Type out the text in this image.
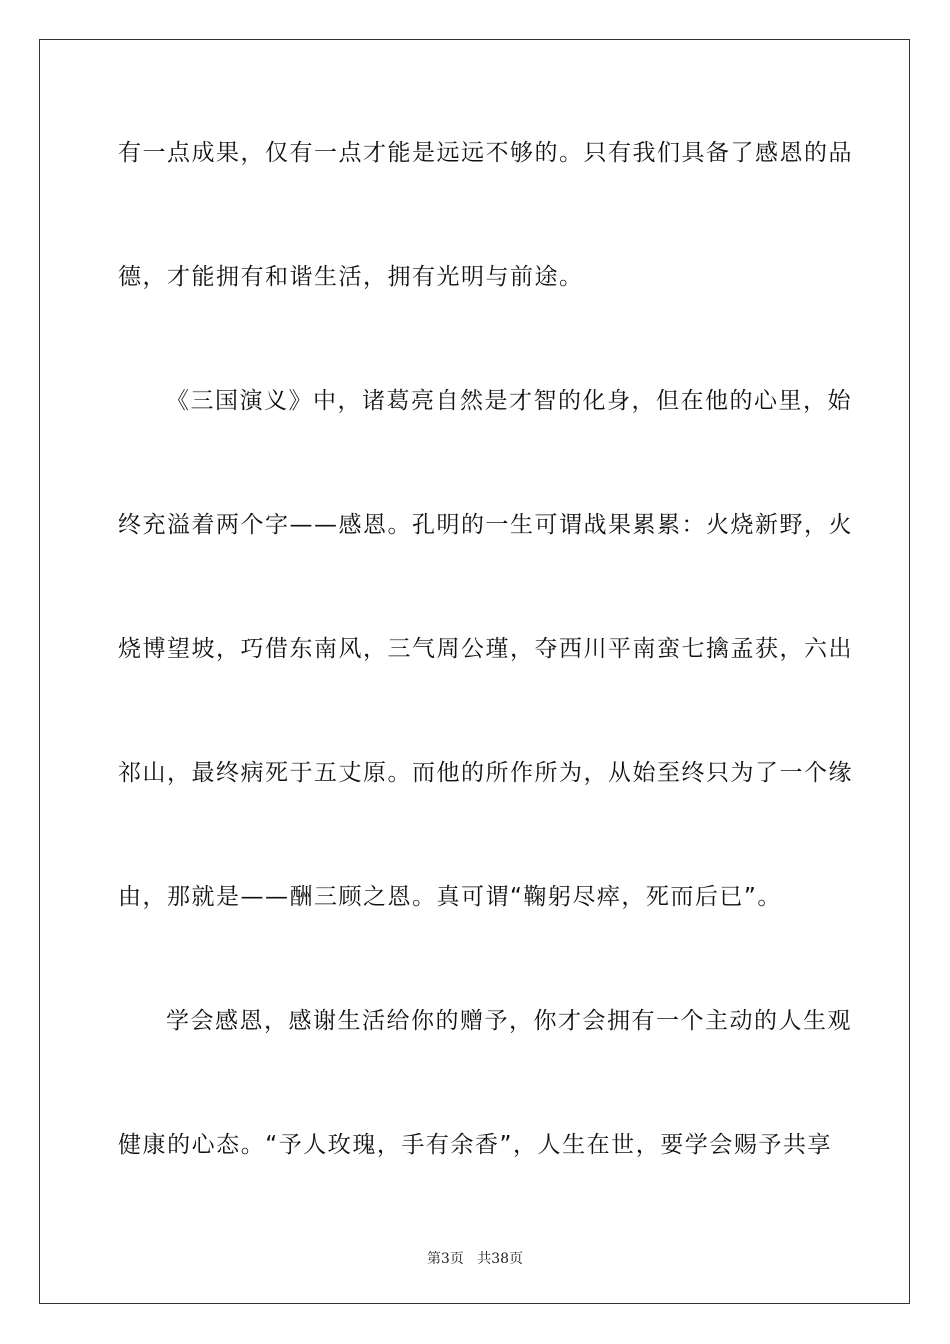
有一点成果，仅有一点才能是远远不够的。只有我们具备了感恩的品
德，才能拥有和谐生活，拥有光明与前途。
《三国演义》中，诸葛亮自然是才智的化身，但在他的心里，始
终充溢着两个字——感恩。孔明的一生可谓战果累累：火烧新野，火
烧博望坡，巧借东南风，三气周公瑾，夺西川平南蛮七擒孟获，六出
祁山，最终病死于五丈原。而他的所作所为，从始至终只为了一个缘
由，那就是——酬三顾之恩。真可谓“鞠躬尽瘁，死而后已”。
学会感恩，感谢生活给你的赠予，你才会拥有一个主动的人生观
健康的心态。“予人玫瑰，手有余香”，人生在世，要学会赐予共享
第3页 共38页
